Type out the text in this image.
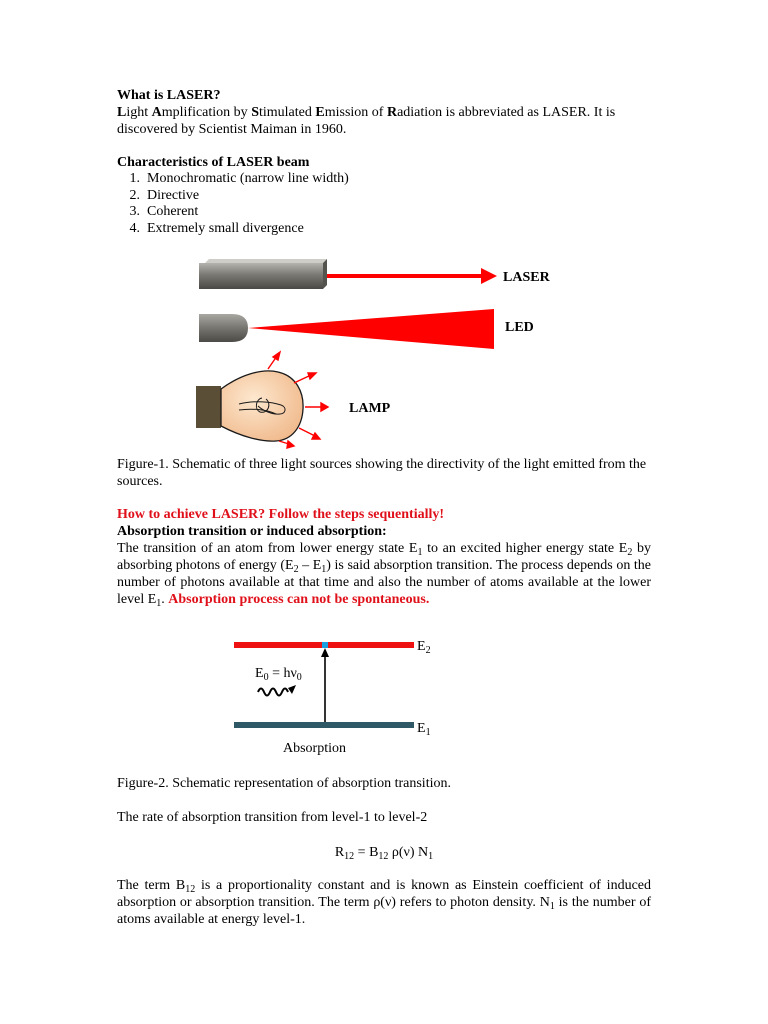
What is LASER?
Light Amplification by Stimulated Emission of Radiation is abbreviated as LASER. It is
discovered by Scientist Maiman in 1960.
Characteristics of LASER beam
1. Monochromatic (narrow line width)
2. Directive
3. Coherent
4. Extremely small divergence
LASER
LED
LAMP
Figure-1. Schematic of three light sources showing the directivity of the light emitted from the sources.
How to achieve LASER? Follow the steps sequentially!
Absorption transition or induced absorption:
The transition of an atom from lower energy state $E_1$ to an excited higher energy state $E_2$ by absorbing photons of energy $(E_2 - E_1)$ is said absorption transition. The process depends on the number of photons available at that time and also the number of atoms available at the lower level $E_1$. Absorption process can not be spontaneous.
$E_2$
$E_1$
$E_0 = h\nu_0$
Absorption
Figure-2. Schematic representation of absorption transition.
The rate of absorption transition from level-1 to level-2
$R_{12} = B_{12}$ ρ(ν) $N_1$
The term $B_{12}$ is a proportionality constant and is known as Einstein coefficient of induced absorption or absorption transition. The term ρ(ν) refers to photon density. $N_1$ is the number of atoms available at energy level-1.
